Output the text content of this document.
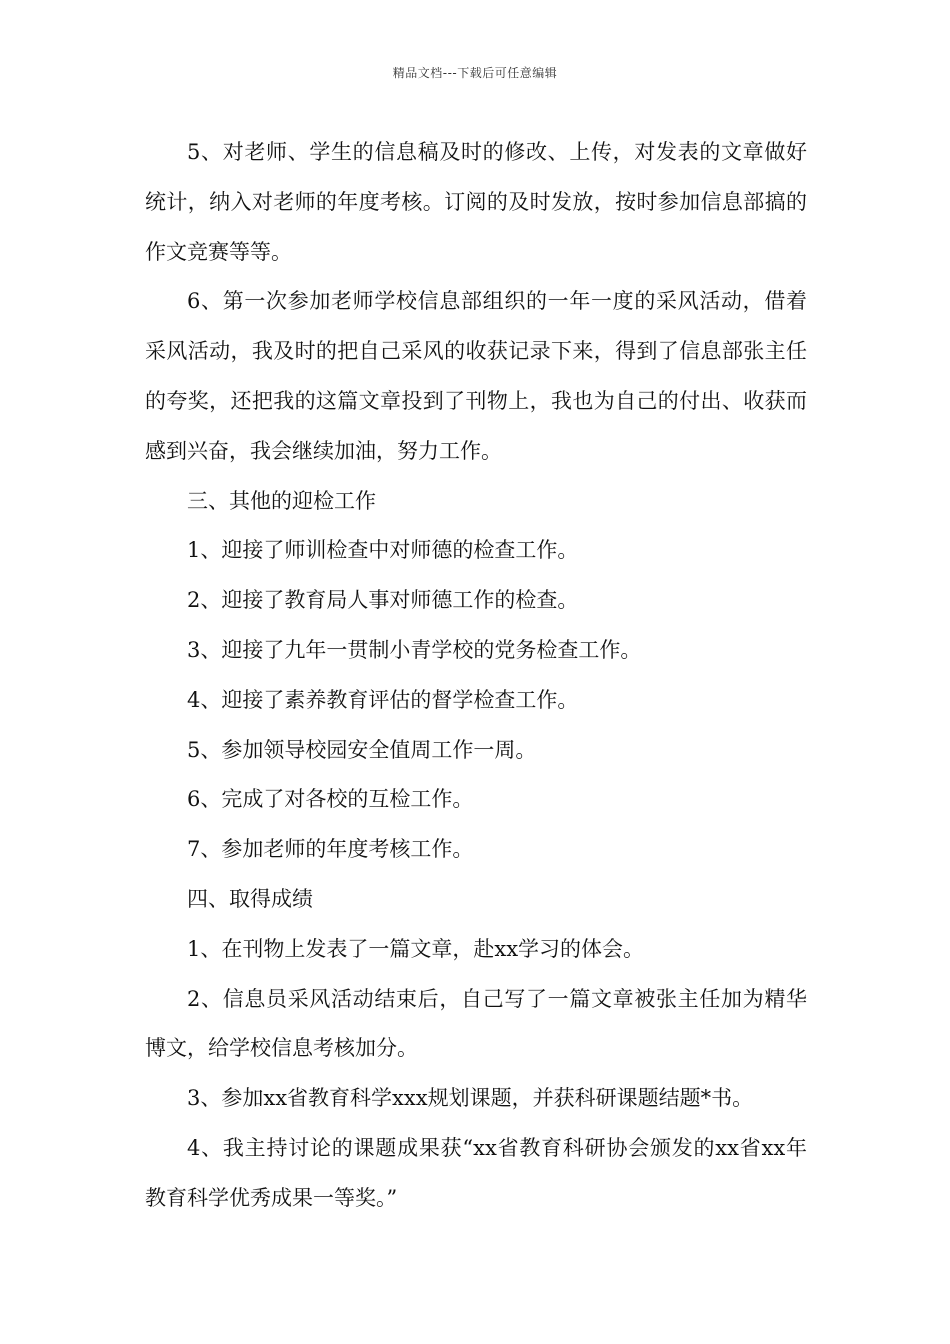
精品文档---下载后可任意编辑

5、对老师、学生的信息稿及时的修改、上传，对发表的文章做好统计，纳入对老师的年度考核。订阅的及时发放，按时参加信息部搞的作文竞赛等等。

6、第一次参加老师学校信息部组织的一年一度的采风活动，借着采风活动，我及时的把自己采风的收获记录下来，得到了信息部张主任的夸奖，还把我的这篇文章投到了刊物上，我也为自己的付出、收获而感到兴奋，我会继续加油，努力工作。

三、其他的迎检工作

1、迎接了师训检查中对师德的检查工作。

2、迎接了教育局人事对师德工作的检查。

3、迎接了九年一贯制小青学校的党务检查工作。

4、迎接了素养教育评估的督学检查工作。

5、参加领导校园安全值周工作一周。

6、完成了对各校的互检工作。

7、参加老师的年度考核工作。

四、取得成绩

1、在刊物上发表了一篇文章，赴xx学习的体会。

2、信息员采风活动结束后，自己写了一篇文章被张主任加为精华博文，给学校信息考核加分。

3、参加xx省教育科学xxx规划课题，并获科研课题结题*书。

4、我主持讨论的课题成果获“xx省教育科研协会颁发的xx省xx年教育科学优秀成果一等奖。”
